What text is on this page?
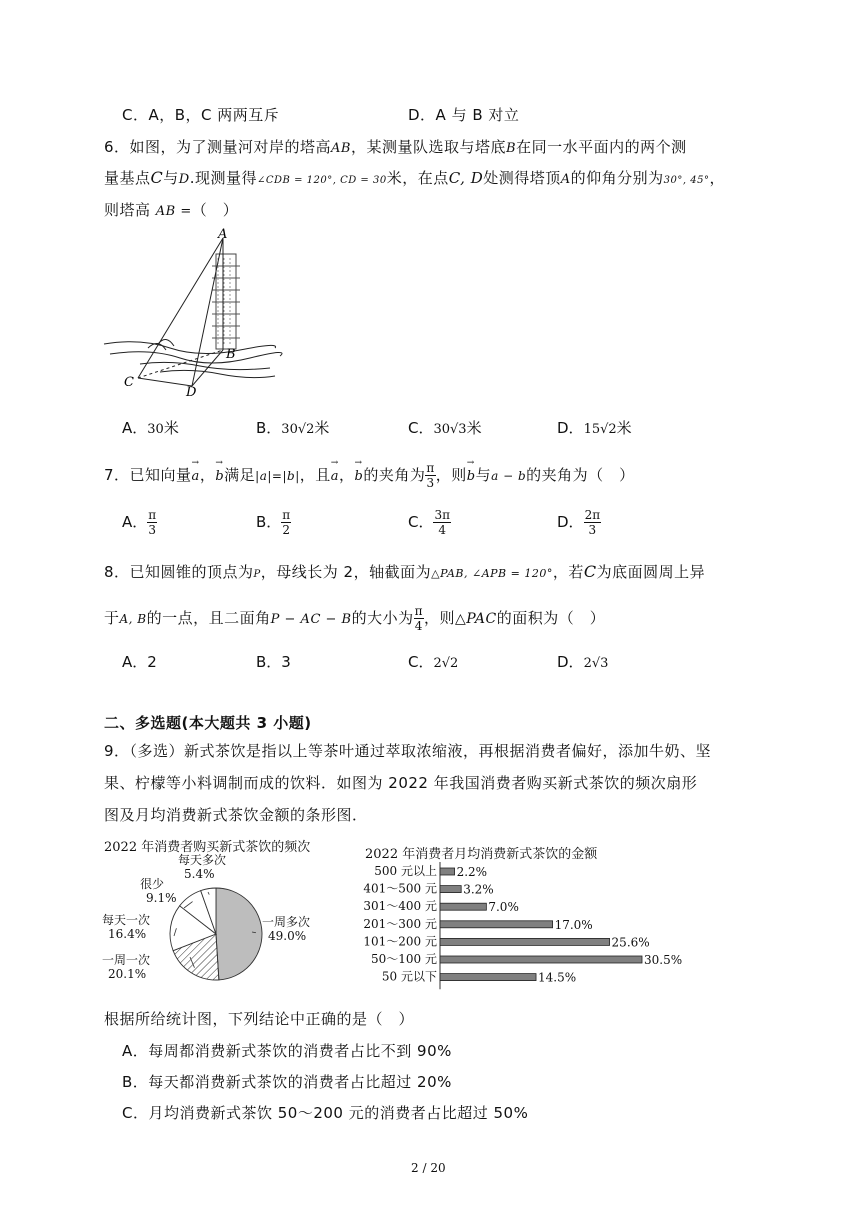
C．A，B，C 两两互斥	D．A 与 B 对立
6．如图，为了测量河对岸的塔高AB，某测量队选取与塔底B在同一水平面内的两个测
量基点C与D.现测量得∠CDB = 120°, CD = 30米，在点C, D处测得塔顶A的仰角分别为30°, 45°，
则塔高 AB =（　）
A
B
C
D
A．30米	B．30√2米	C．30√3米	D．15√2米
7．已知向量→ a，→ b满足|a|=|b|，且→ a，→ b的夹角为 $\frac{\pi}{3}$ ，则→ b与a − b的夹角为（　）
A． $\frac{\pi}{3}$	B． $\frac{\pi}{2}$	C． $\frac{3\pi}{4}$	D． $\frac{2\pi}{3}$
8．已知圆锥的顶点为P，母线长为 2，轴截面为△PAB, ∠APB = 120°，若C为底面圆周上异
于A, B的一点，且二面角P − AC − B的大小为 $\frac{\pi}{4}$ ，则△PAC的面积为（　）
A．2	B．3	C．2√2	D．2√3
二、多选题(本大题共 3 小题)
9．（多选）新式茶饮是指以上等茶叶通过萃取浓缩液，再根据消费者偏好，添加牛奶、坚
果、柠檬等小料调制而成的饮料．如图为 2022 年我国消费者购买新式茶饮的频次扇形
图及月均消费新式茶饮金额的条形图．
2022 年消费者购买新式茶饮的频次
一周多次
49.0%
一周一次
20.1%
每天一次
16.4%
很少
9.1%
每天多次
5.4%
2022 年消费者月均消费新式茶饮的金额
500 元以上 2.2%
401～500 元 3.2%
301～400 元	7.0%
201～300 元	17.0%
101～200 元	25.6%
50～100 元	30.5%
50 元以下	14.5%
根据所给统计图，下列结论中正确的是（　）
A．每周都消费新式茶饮的消费者占比不到 90%
B．每天都消费新式茶饮的消费者占比超过 20%
C．月均消费新式茶饮 50～200 元的消费者占比超过 50%
2 / 20
